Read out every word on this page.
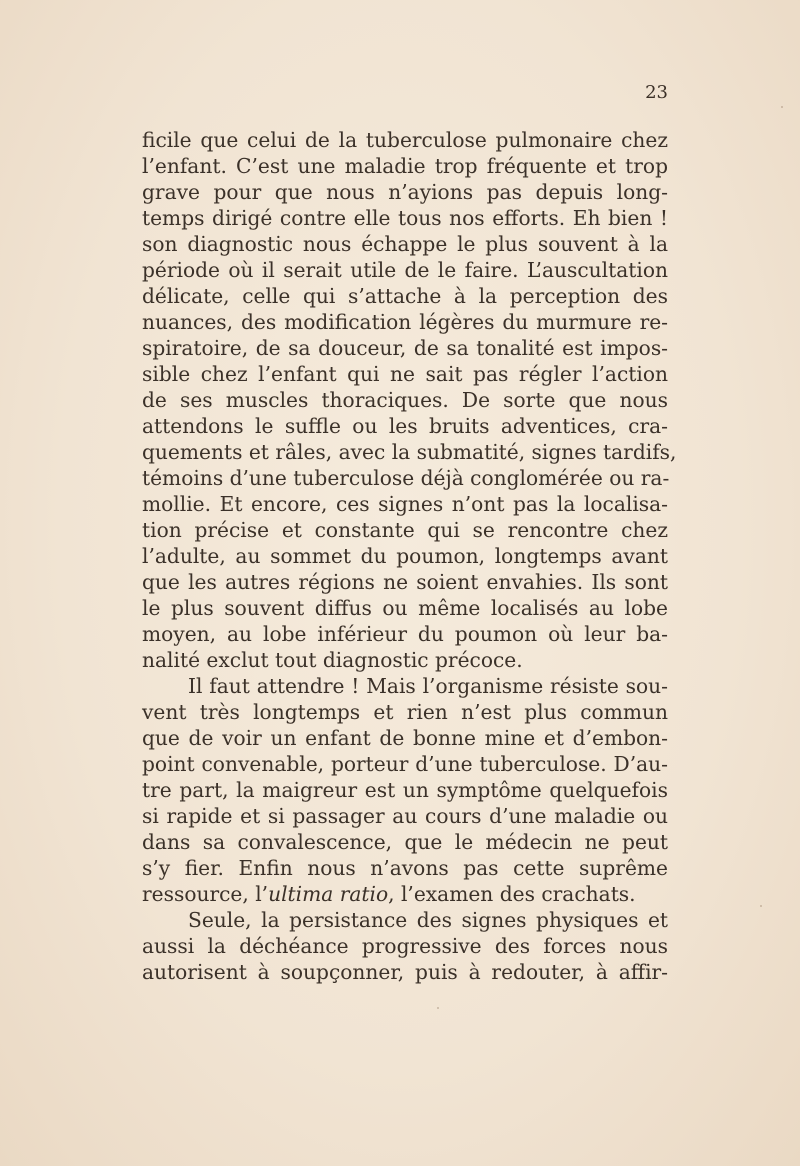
23
ficile que celui de la tuberculose pulmonaire chez
l’enfant. C’est une maladie trop fréquente et trop
grave pour que nous n’ayions pas depuis long-
temps dirigé contre elle tous nos efforts. Eh bien !
son diagnostic nous échappe le plus souvent à la
période où il serait utile de le faire. L’auscultation
délicate, celle qui s’attache à la perception des
nuances, des modification légères du murmure re-
spiratoire, de sa douceur, de sa tonalité est impos-
sible chez l’enfant qui ne sait pas régler l’action
de ses muscles thoraciques. De sorte que nous
attendons le suffle ou les bruits adventices, cra-
quements et râles, avec la submatité, signes tardifs,
témoins d’une tuberculose déjà conglomérée ou ra-
mollie. Et encore, ces signes n’ont pas la localisa-
tion précise et constante qui se rencontre chez
l’adulte, au sommet du poumon, longtemps avant
que les autres régions ne soient envahies. Ils sont
le plus souvent diffus ou même localisés au lobe
moyen, au lobe inférieur du poumon où leur ba-
nalité exclut tout diagnostic précoce.
Il faut attendre ! Mais l’organisme résiste sou-
vent très longtemps et rien n’est plus commun
que de voir un enfant de bonne mine et d’embon-
point convenable, porteur d’une tuberculose. D’au-
tre part, la maigreur est un symptôme quelquefois
si rapide et si passager au cours d’une maladie ou
dans sa convalescence, que le médecin ne peut
s’y fier. Enfin nous n’avons pas cette suprême
ressource, l’ultima ratio, l’examen des crachats.
Seule, la persistance des signes physiques et
aussi la déchéance progressive des forces nous
autorisent à soupçonner, puis à redouter, à affir-
